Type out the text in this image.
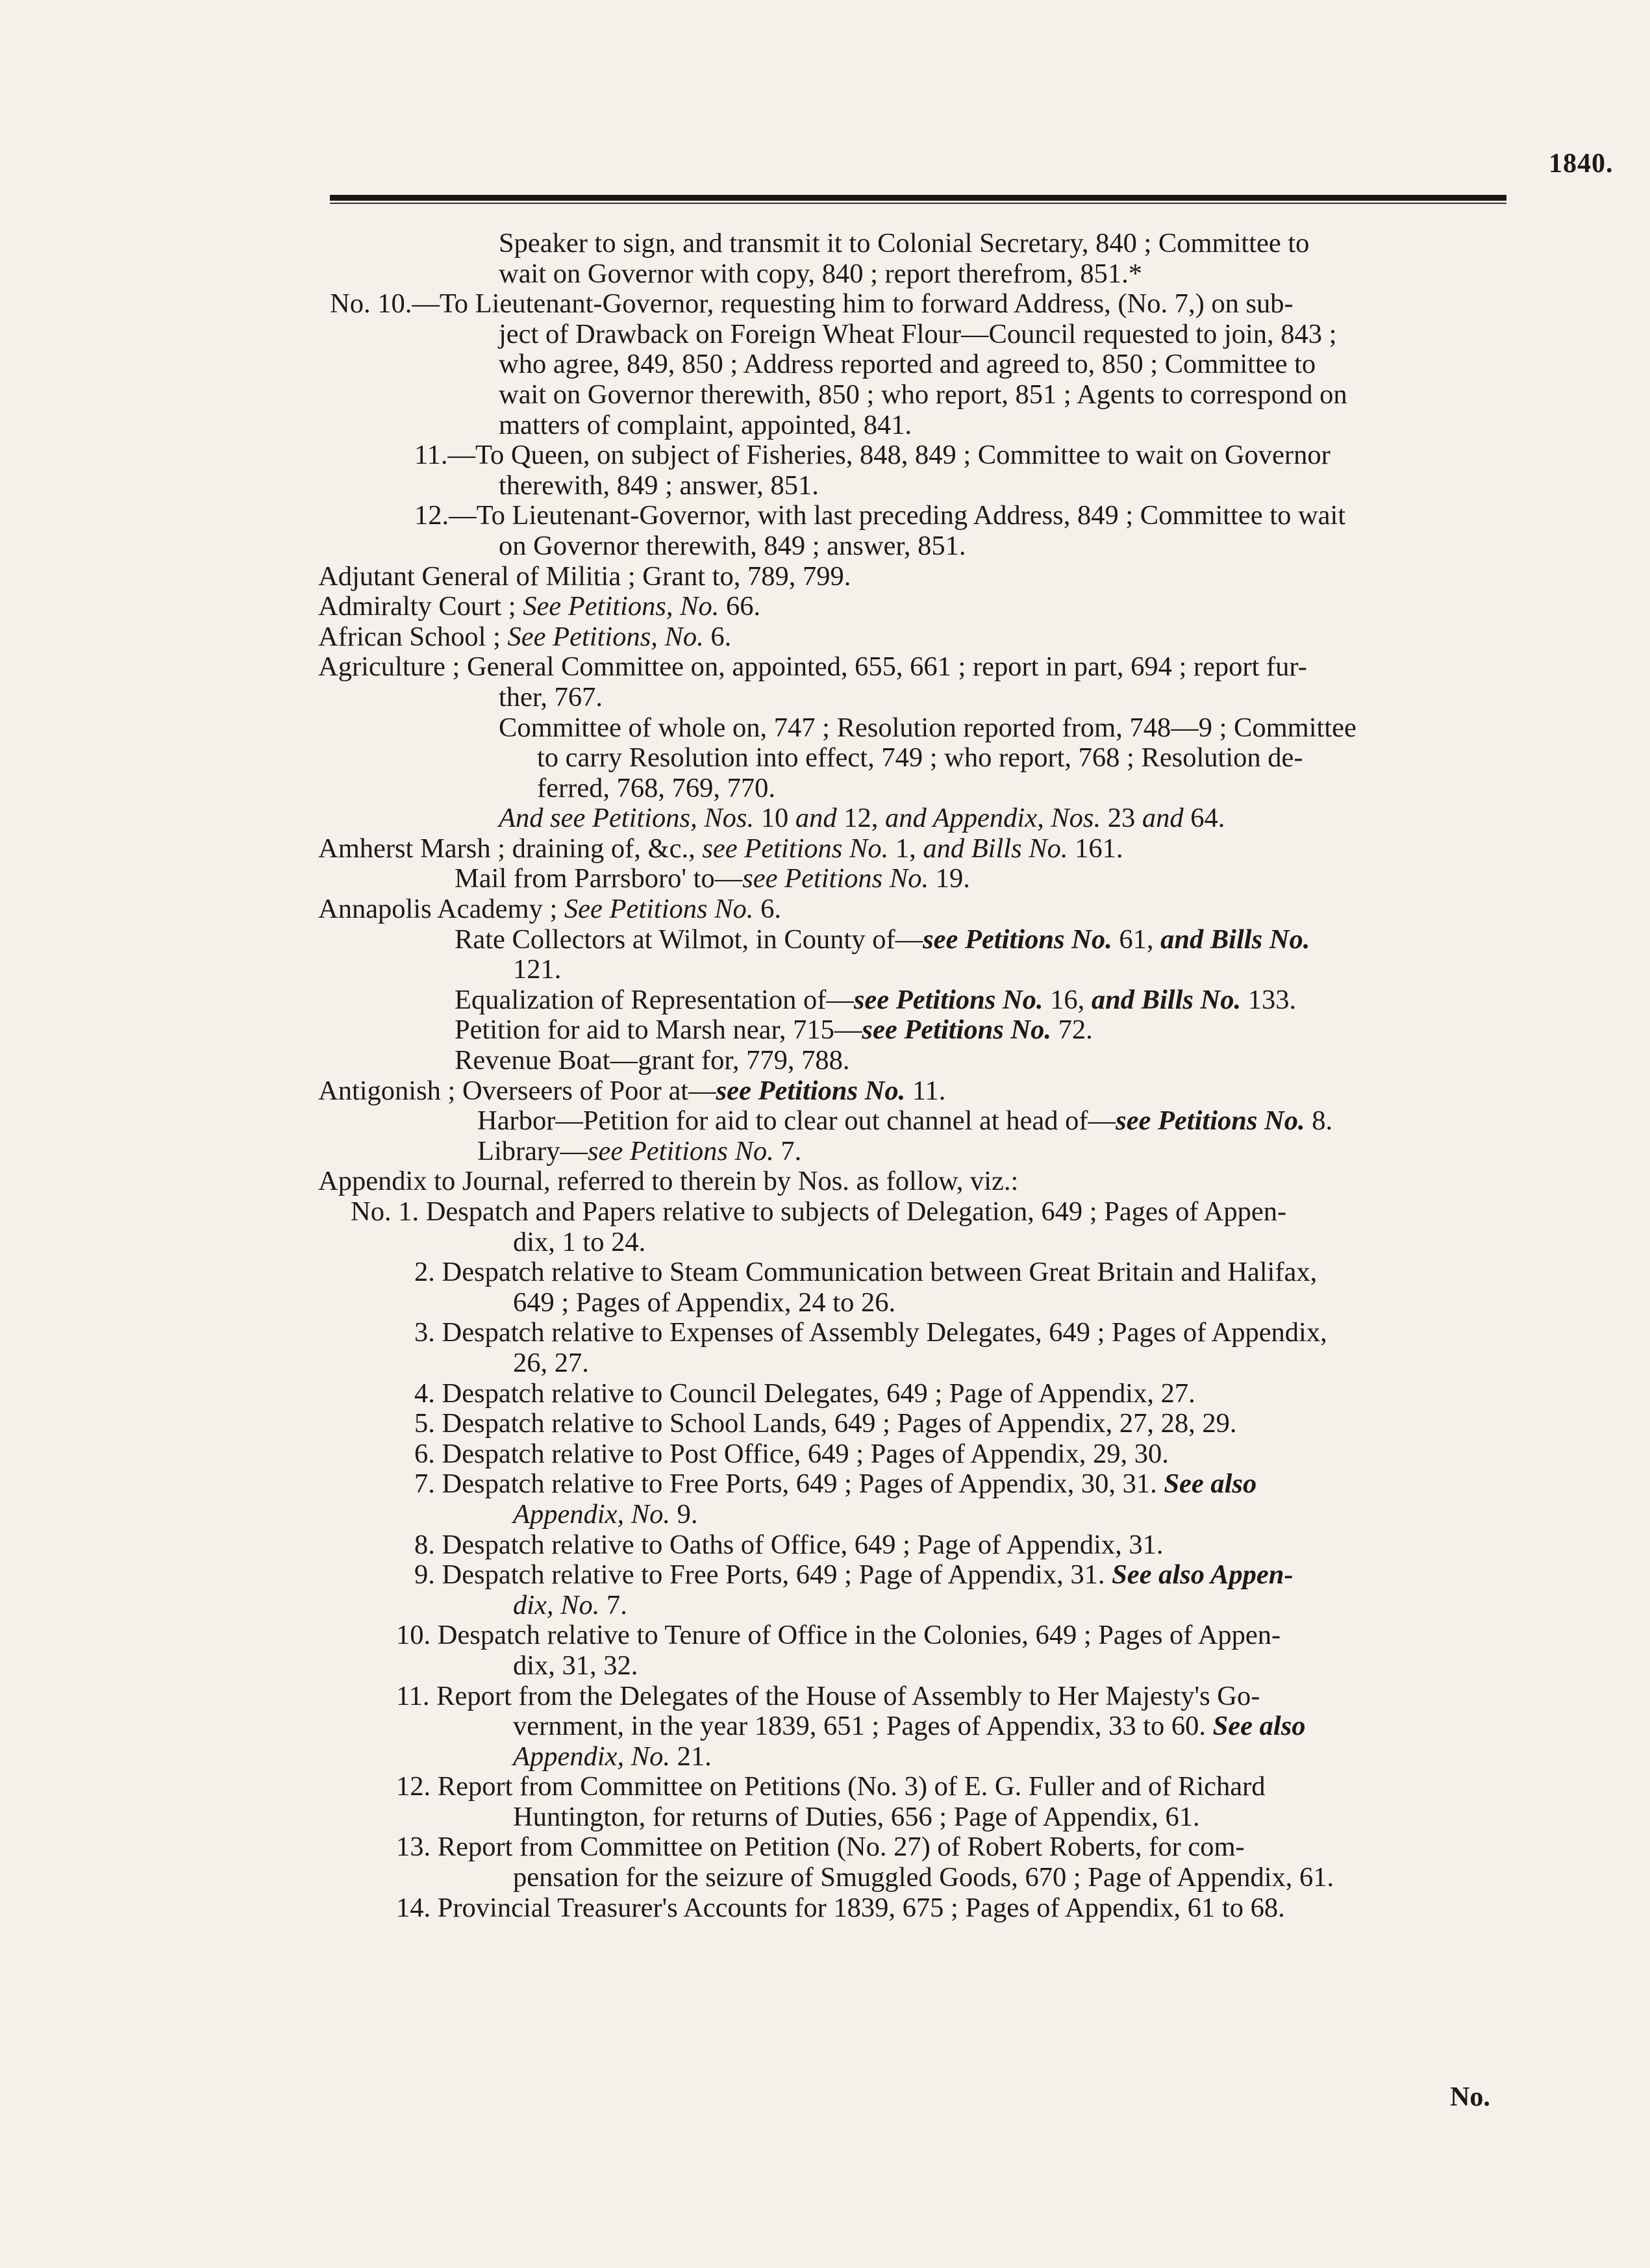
1840.
Speaker to sign, and transmit it to Colonial Secretary, 840 ; Committee to
wait on Governor with copy, 840 ; report therefrom, 851.*
No. 10.—To Lieutenant-Governor, requesting him to forward Address, (No. 7,) on sub-
ject of Drawback on Foreign Wheat Flour—Council requested to join, 843 ;
who agree, 849, 850 ; Address reported and agreed to, 850 ; Committee to
wait on Governor therewith, 850 ; who report, 851 ; Agents to correspond on
matters of complaint, appointed, 841.
11.—To Queen, on subject of Fisheries, 848, 849 ; Committee to wait on Governor
therewith, 849 ; answer, 851.
12.—To Lieutenant-Governor, with last preceding Address, 849 ; Committee to wait
on Governor therewith, 849 ; answer, 851.
Adjutant General of Militia ; Grant to, 789, 799.
Admiralty Court ; See Petitions, No. 66.
African School ; See Petitions, No. 6.
Agriculture ; General Committee on, appointed, 655, 661 ; report in part, 694 ; report fur-
ther, 767.
Committee of whole on, 747 ; Resolution reported from, 748—9 ; Committee
to carry Resolution into effect, 749 ; who report, 768 ; Resolution de-
ferred, 768, 769, 770.
And see Petitions, Nos. 10 and 12, and Appendix, Nos. 23 and 64.
Amherst Marsh ; draining of, &c., see Petitions No. 1, and Bills No. 161.
Mail from Parrsboro' to—see Petitions No. 19.
Annapolis Academy ; See Petitions No. 6.
Rate Collectors at Wilmot, in County of—see Petitions No. 61, and Bills No.
121.
Equalization of Representation of—see Petitions No. 16, and Bills No. 133.
Petition for aid to Marsh near, 715—see Petitions No. 72.
Revenue Boat—grant for, 779, 788.
Antigonish ; Overseers of Poor at—see Petitions No. 11.
Harbor—Petition for aid to clear out channel at head of—see Petitions No. 8.
Library—see Petitions No. 7.
Appendix to Journal, referred to therein by Nos. as follow, viz.:
No. 1. Despatch and Papers relative to subjects of Delegation, 649 ; Pages of Appen-
dix, 1 to 24.
2. Despatch relative to Steam Communication between Great Britain and Halifax,
649 ; Pages of Appendix, 24 to 26.
3. Despatch relative to Expenses of Assembly Delegates, 649 ; Pages of Appendix,
26, 27.
4. Despatch relative to Council Delegates, 649 ; Page of Appendix, 27.
5. Despatch relative to School Lands, 649 ; Pages of Appendix, 27, 28, 29.
6. Despatch relative to Post Office, 649 ; Pages of Appendix, 29, 30.
7. Despatch relative to Free Ports, 649 ; Pages of Appendix, 30, 31. See also
Appendix, No. 9.
8. Despatch relative to Oaths of Office, 649 ; Page of Appendix, 31.
9. Despatch relative to Free Ports, 649 ; Page of Appendix, 31. See also Appen-
dix, No. 7.
10. Despatch relative to Tenure of Office in the Colonies, 649 ; Pages of Appen-
dix, 31, 32.
11. Report from the Delegates of the House of Assembly to Her Majesty's Go-
vernment, in the year 1839, 651 ; Pages of Appendix, 33 to 60. See also
Appendix, No. 21.
12. Report from Committee on Petitions (No. 3) of E. G. Fuller and of Richard
Huntington, for returns of Duties, 656 ; Page of Appendix, 61.
13. Report from Committee on Petition (No. 27) of Robert Roberts, for com-
pensation for the seizure of Smuggled Goods, 670 ; Page of Appendix, 61.
14. Provincial Treasurer's Accounts for 1839, 675 ; Pages of Appendix, 61 to 68.
No.
